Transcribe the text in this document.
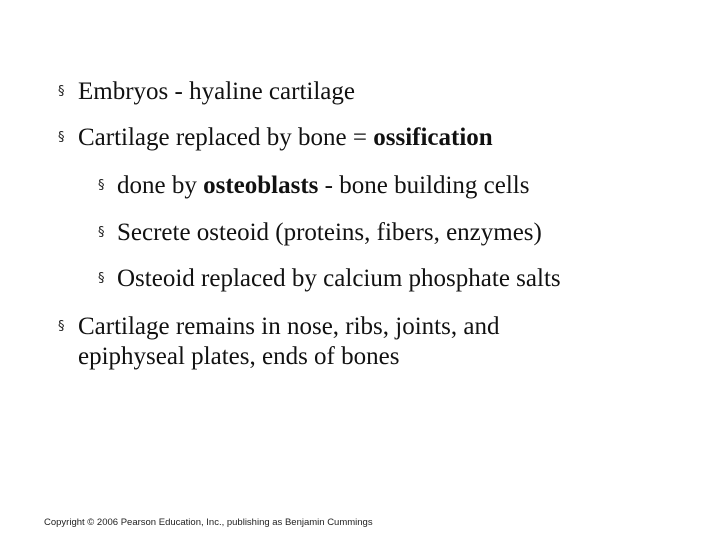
§ Embryos - hyaline cartilage
§ Cartilage replaced by bone = ossification
§ done by osteoblasts - bone building cells
§ Secrete osteoid (proteins, fibers, enzymes)
§ Osteoid replaced by calcium phosphate salts
§ Cartilage remains in nose, ribs, joints, and
epiphyseal plates, ends of bones
Copyright © 2006 Pearson Education, Inc., publishing as Benjamin Cummings
